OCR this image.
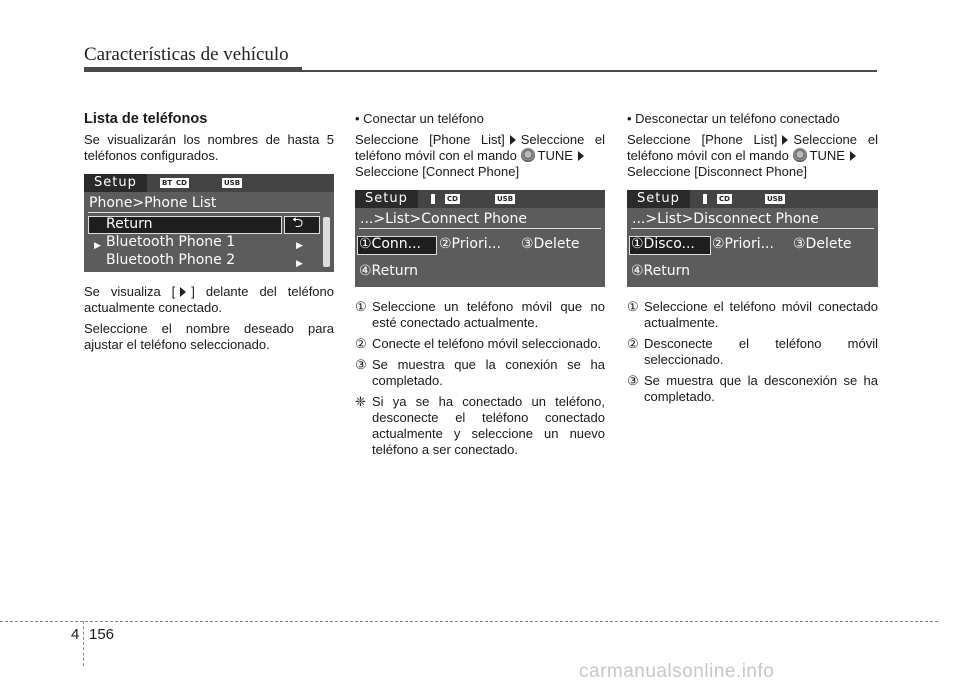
Características de vehículo
Lista de teléfonos

Se visualizarán los nombres de hasta 5 teléfonos configurados.

Setup	BT CD	USB
Phone>Phone List
Return	⮌
▶ Bluetooth Phone 1	▶
Bluetooth Phone 2	▶

Se visualiza [ ] delante del teléfono actualmente conectado.

Seleccione el nombre deseado para ajustar el teléfono seleccionado.

• Conectar un teléfono

Seleccione [Phone List] Seleccione el teléfono móvil con el mando TUNE
Seleccione [Connect Phone]

Setup	CD	USB
...>List>Connect Phone
①Conn... ②Priori... ③Delete
④Return
① Seleccione un teléfono móvil que no esté conectado actualmente.
② Conecte el teléfono móvil seleccionado.
③ Se muestra que la conexión se ha completado.
❈ Si ya se ha conectado un teléfono, desconecte el teléfono conectado actualmente y seleccione un nuevo teléfono a ser conectado.

• Desconectar un teléfono conectado

Seleccione [Phone List] Seleccione el teléfono móvil con el mando TUNE
Seleccione [Disconnect Phone]

Setup	CD	USB
...>List>Disconnect Phone
①Disco... ②Priori... ③Delete
④Return
① Seleccione el teléfono móvil conectado actualmente.
② Desconecte el teléfono móvil seleccionado.
③ Se muestra que la desconexión se ha completado.
4 156
carmanualsonline.info
